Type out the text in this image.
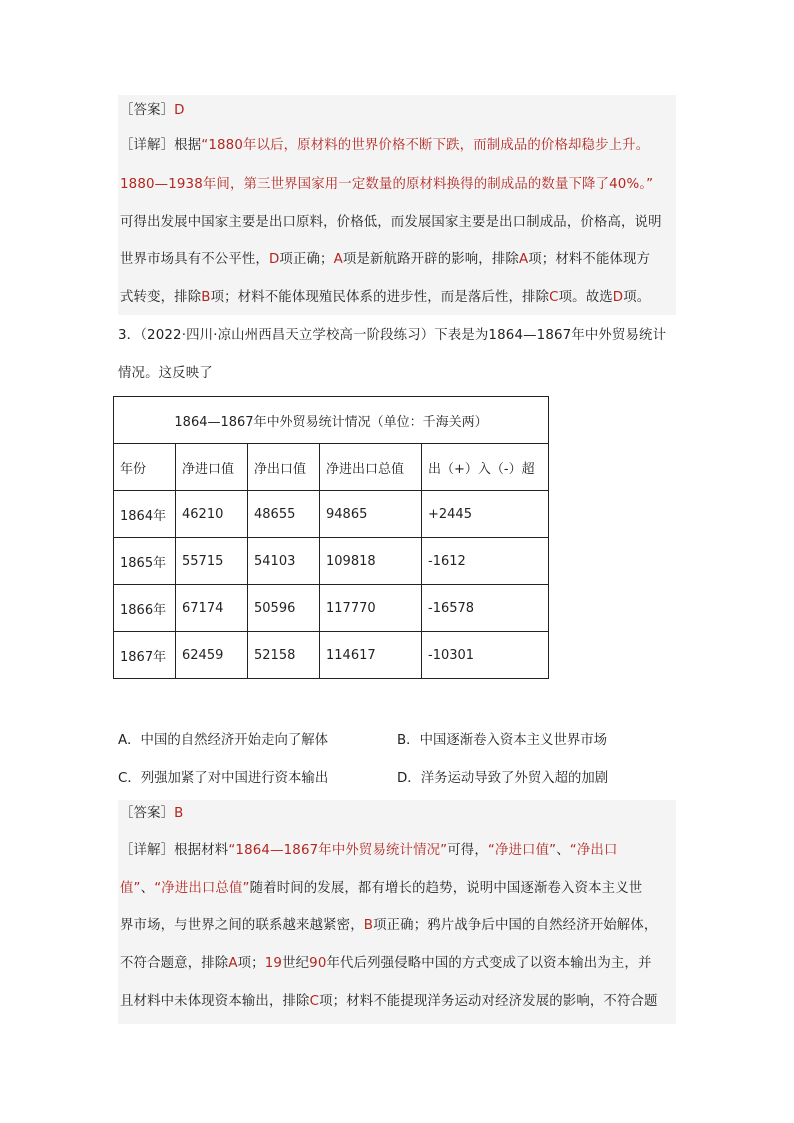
［答案］D
［详解］根据“1880年以后，原材料的世界价格不断下跌，而制成品的价格却稳步上升。
1880—1938年间，第三世界国家用一定数量的原材料换得的制成品的数量下降了40%。”
可得出发展中国家主要是出口原料，价格低，而发展国家主要是出口制成品，价格高，说明
世界市场具有不公平性，D项正确；A项是新航路开辟的影响，排除A项；材料不能体现方
式转变，排除B项；材料不能体现殖民体系的进步性，而是落后性，排除C项。故选D项。
3．（2022·四川·凉山州西昌天立学校高一阶段练习）下表是为1864—1867年中外贸易统计
情况。这反映了
1864—1867年中外贸易统计情况（单位：千海关两）				
年份	净进口值	净出口值	净进出口总值	出（+）入（-）超
1864年	46210	48655	94865	+2445
1865年	55715	54103	109818	-1612
1866年	67174	50596	117770	-16578
1867年	62459	52158	114617	-10301
A．中国的自然经济开始走向了解体	B．中国逐渐卷入资本主义世界市场
C．列强加紧了对中国进行资本输出	D．洋务运动导致了外贸入超的加剧
［答案］B
［详解］根据材料“1864—1867年中外贸易统计情况”可得，“净进口值”、“净出口
值”、“净进出口总值”随着时间的发展，都有增长的趋势，说明中国逐渐卷入资本主义世
界市场，与世界之间的联系越来越紧密，B项正确；鸦片战争后中国的自然经济开始解体，
不符合题意，排除A项；19世纪90年代后列强侵略中国的方式变成了以资本输出为主，并
且材料中未体现资本输出，排除C项；材料不能提现洋务运动对经济发展的影响，不符合题
